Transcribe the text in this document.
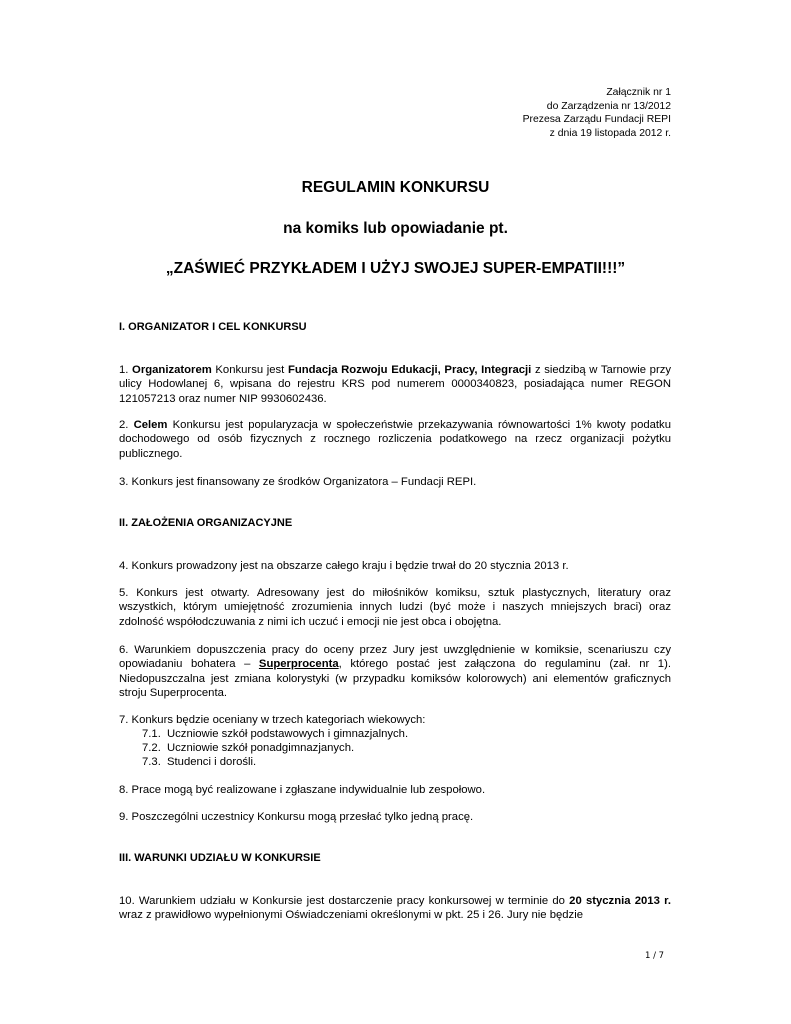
Załącznik nr 1
do Zarządzenia nr 13/2012
Prezesa Zarządu Fundacji REPI
z dnia 19 listopada 2012 r.
REGULAMIN KONKURSU
na komiks lub opowiadanie pt.
„ZAŚWIEĆ PRZYKŁADEM I UŻYJ SWOJEJ SUPER-EMPATII!!!”
I. ORGANIZATOR I CEL KONKURSU
1. Organizatorem Konkursu jest Fundacja Rozwoju Edukacji, Pracy, Integracji z siedzibą w Tarnowie przy ulicy Hodowlanej 6, wpisana do rejestru KRS pod numerem 0000340823, posiadająca numer REGON 121057213 oraz numer NIP 9930602436.
2. Celem Konkursu jest popularyzacja w społeczeństwie przekazywania równowartości 1% kwoty podatku dochodowego od osób fizycznych z rocznego rozliczenia podatkowego na rzecz organizacji pożytku publicznego.
3. Konkurs jest finansowany ze środków Organizatora – Fundacji REPI.
II. ZAŁOŻENIA ORGANIZACYJNE
4. Konkurs prowadzony jest na obszarze całego kraju i będzie trwał do 20 stycznia 2013 r.
5. Konkurs jest otwarty. Adresowany jest do miłośników komiksu, sztuk plastycznych, literatury oraz wszystkich, którym umiejętność zrozumienia innych ludzi (być może i naszych mniejszych braci) oraz zdolność współodczuwania z nimi ich uczuć i emocji nie jest obca i obojętna.
6. Warunkiem dopuszczenia pracy do oceny przez Jury jest uwzględnienie w komiksie, scenariuszu czy opowiadaniu bohatera – Superprocenta, którego postać jest załączona do regulaminu (zał. nr 1). Niedopuszczalna jest zmiana kolorystyki (w przypadku komiksów kolorowych) ani elementów graficznych stroju Superprocenta.
7. Konkurs będzie oceniany w trzech kategoriach wiekowych:
7.1. Uczniowie szkół podstawowych i gimnazjalnych.
7.2. Uczniowie szkół ponadgimnazjanych.
7.3. Studenci i dorośli.
8. Prace mogą być realizowane i zgłaszane indywidualnie lub zespołowo.
9. Poszczególni uczestnicy Konkursu mogą przesłać tylko jedną pracę.
III. WARUNKI UDZIAŁU W KONKURSIE
10. Warunkiem udziału w Konkursie jest dostarczenie pracy konkursowej w terminie do 20 stycznia 2013 r. wraz z prawidłowo wypełnionymi Oświadczeniami określonymi w pkt. 25 i 26. Jury nie będzie
1 / 7
